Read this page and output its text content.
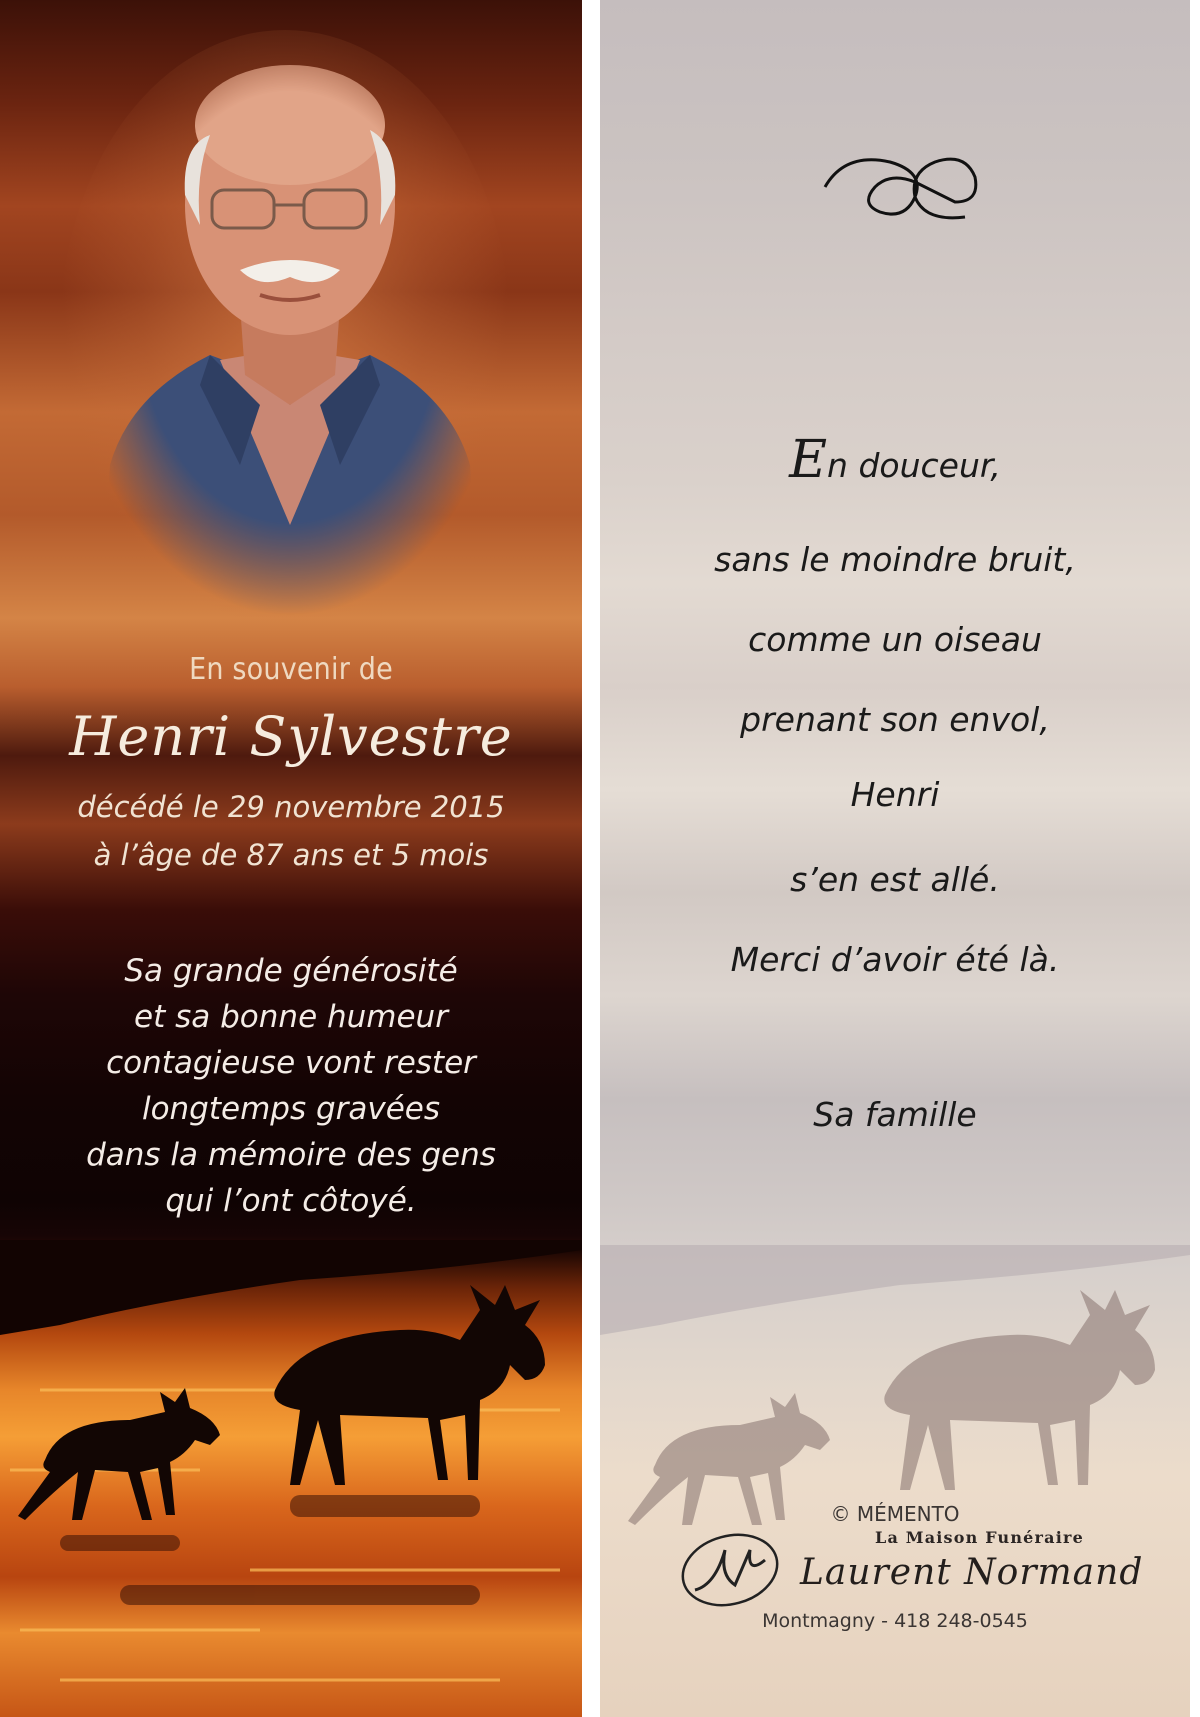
En souvenir de
Henri Sylvestre
décédé le 29 novembre 2015
à l’âge de 87 ans et 5 mois
Sa grande générosité
et sa bonne humeur
contagieuse vont rester
longtemps gravées
dans la mémoire des gens
qui l’ont côtoyé.
En douceur,
sans le moindre bruit,
comme un oiseau
prenant son envol,
Henri
s’en est allé.
Merci d’avoir été là.
Sa famille
© MÉMENTO
La Maison Funéraire
Laurent Normand
Montmagny - 418 248-0545
